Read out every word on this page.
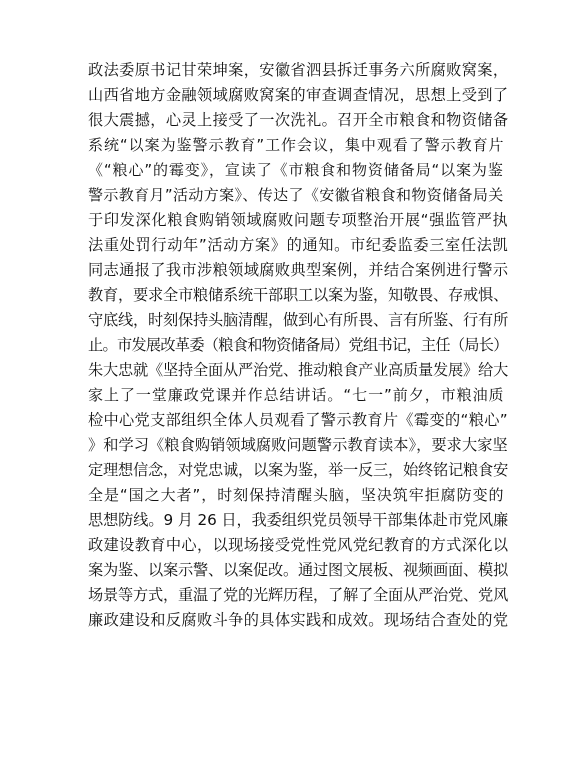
政法委原书记甘荣坤案，安徽省泗县拆迁事务六所腐败窝案，
山西省地方金融领域腐败窝案的审查调查情况，思想上受到了
很大震撼，心灵上接受了一次洗礼。召开全市粮食和物资储备
系统“以案为鉴警示教育”工作会议，集中观看了警示教育片
《“粮心”的霉变》，宣读了《市粮食和物资储备局“以案为鉴
警示教育月”活动方案》、传达了《安徽省粮食和物资储备局关
于印发深化粮食购销领域腐败问题专项整治开展“强监管严执
法重处罚行动年”活动方案》的通知。市纪委监委三室任法凯
同志通报了我市涉粮领域腐败典型案例，并结合案例进行警示
教育，要求全市粮储系统干部职工以案为鉴，知敬畏、存戒惧、
守底线，时刻保持头脑清醒，做到心有所畏、言有所鉴、行有所
止。市发展改革委（粮食和物资储备局）党组书记，主任（局长）
朱大忠就《坚持全面从严治党、推动粮食产业高质量发展》给大
家上了一堂廉政党课并作总结讲话。“七一”前夕，市粮油质
检中心党支部组织全体人员观看了警示教育片《霉变的“粮心”
》和学习《粮食购销领域腐败问题警示教育读本》，要求大家坚
定理想信念，对党忠诚，以案为鉴，举一反三，始终铭记粮食安
全是“国之大者”，时刻保持清醒头脑，坚决筑牢拒腐防变的
思想防线。9 月 26 日，我委组织党员领导干部集体赴市党风廉
政建设教育中心，以现场接受党性党风党纪教育的方式深化以
案为鉴、以案示警、以案促改。通过图文展板、视频画面、模拟
场景等方式，重温了党的光辉历程，了解了全面从严治党、党风
廉政建设和反腐败斗争的具体实践和成效。现场结合查处的党
